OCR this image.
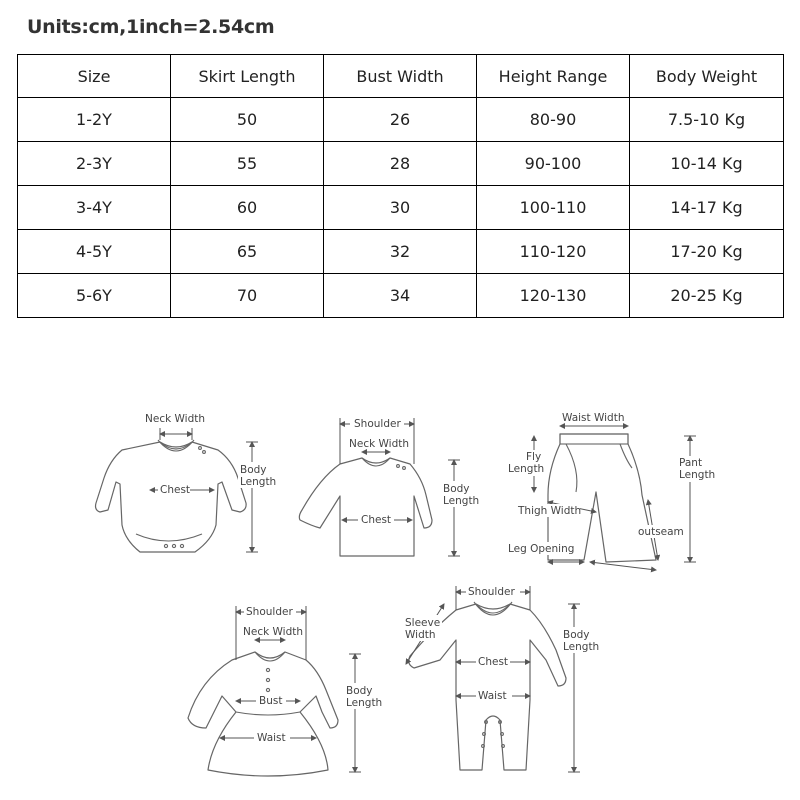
Units:cm,1inch=2.54cm
Size	Skirt Length	Bust Width	Height Range	Body Weight
1-2Y	50	26	80-90	7.5-10 Kg
2-3Y	55	28	90-100	10-14 Kg
3-4Y	60	30	100-110	14-17 Kg
4-5Y	65	32	110-120	17-20 Kg
5-6Y	70	34	120-130	20-25 Kg
Neck Width
Body
Length
Chest
Shoulder
Neck Width
Body
Length
Chest
Waist Width
Fly
Length	Pant
Length
Thigh Width
outseam
Leg Opening
Shoulder
Neck Width
Body
Length
Bust
Waist
Shoulder
Sleeve
Width	Body
Length
Chest
Waist
